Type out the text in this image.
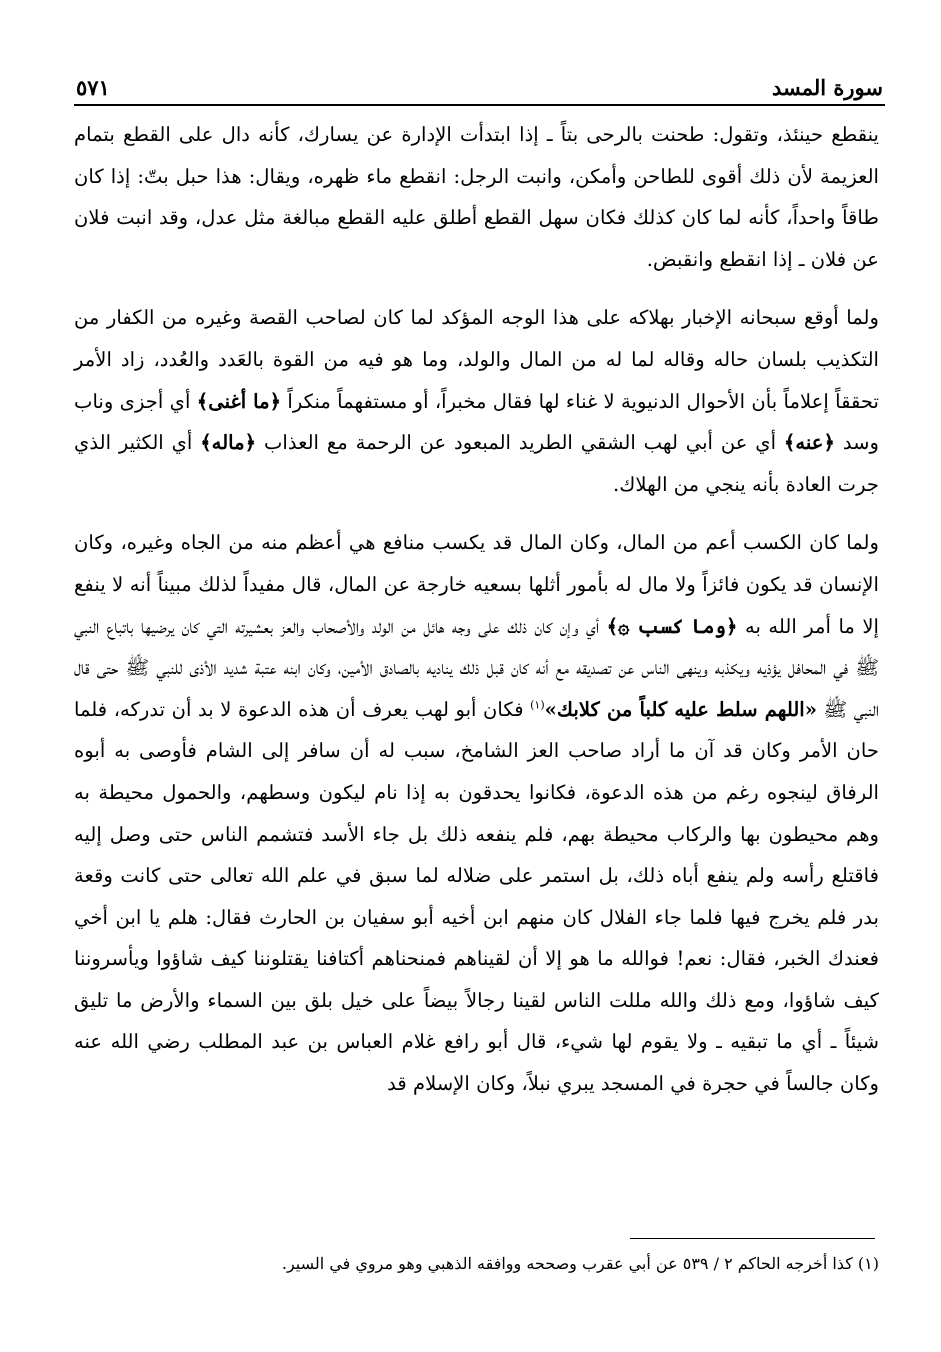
سورة المسد
٥٧١

ينقطع حينئذ، وتقول: طحنت بالرحى بتاً ـ إذا ابتدأت الإدارة عن يسارك، كأنه دال على القطع بتمام العزيمة لأن ذلك أقوى للطاحن وأمكن، وانبت الرجل: انقطع ماء ظهره، ويقال: هذا حبل بتّ: إذا كان طاقاً واحداً، كأنه لما كان كذلك فكان سهل القطع أطلق عليه القطع مبالغة مثل عدل، وقد انبت فلان عن فلان ـ إذا انقطع وانقبض.

ولما أوقع سبحانه الإخبار بهلاكه على هذا الوجه المؤكد لما كان لصاحب القصة وغيره من الكفار من التكذيب بلسان حاله وقاله لما له من المال والولد، وما هو فيه من القوة بالعَدد والعُدد، زاد الأمر تحققاً إعلاماً بأن الأحوال الدنيوية لا غناء لها فقال مخبراً، أو مستفهماً منكراً ﴿ما أغنى﴾ أي أجزى وناب وسد ﴿عنه﴾ أي عن أبي لهب الشقي الطريد المبعود عن الرحمة مع العذاب ﴿ماله﴾ أي الكثير الذي جرت العادة بأنه ينجي من الهلاك.

ولما كان الكسب أعم من المال، وكان المال قد يكسب منافع هي أعظم منه من الجاه وغيره، وكان الإنسان قد يكون فائزاً ولا مال له بأمور أثلها بسعيه خارجة عن المال، قال مفيداً لذلك مبيناً أنه لا ينفع إلا ما أمر الله به ﴿وما كسب ۞﴾ أي وإن كان ذلك على وجه هائل من الولد والأصحاب والعز بعشيرته التي كان يرضيها باتباع النبي ﷺ في المحافل يؤذيه ويكذبه وينهى الناس عن تصديقه مع أنه كان قبل ذلك يناديه بالصادق الأمين، وكان ابنه عتبة شديد الأذى للنبي ﷺ حتى قال النبي ﷺ «اللهم سلط عليه كلباً من كلابك»$^{(١)}$ فكان أبو لهب يعرف أن هذه الدعوة لا بد أن تدركه، فلما حان الأمر وكان قد آن ما أراد صاحب العز الشامخ، سبب له أن سافر إلى الشام فأوصى به أبوه الرفاق لينجوه رغم من هذه الدعوة، فكانوا يحدقون به إذا نام ليكون وسطهم، والحمول محيطة به وهم محيطون بها والركاب محيطة بهم، فلم ينفعه ذلك بل جاء الأسد فتشمم الناس حتى وصل إليه فاقتلع رأسه ولم ينفع أباه ذلك، بل استمر على ضلاله لما سبق في علم الله تعالى حتى كانت وقعة بدر فلم يخرج فيها فلما جاء الفلال كان منهم ابن أخيه أبو سفيان بن الحارث فقال: هلم يا ابن أخي فعندك الخبر، فقال: نعم! فوالله ما هو إلا أن لقيناهم فمنحناهم أكتافنا يقتلوننا كيف شاؤوا ويأسروننا كيف شاؤوا، ومع ذلك والله مللت الناس لقينا رجالاً بيضاً على خيل بلق بين السماء والأرض ما تليق شيئاً ـ أي ما تبقيه ـ ولا يقوم لها شيء، قال أبو رافع غلام العباس بن عبد المطلب رضي الله عنه وكان جالساً في حجرة في المسجد يبري نبلاً، وكان الإسلام قد

(١) كذا أخرجه الحاكم ٢ / ٥٣٩ عن أبي عقرب وصححه ووافقه الذهبي وهو مروي في السير.
